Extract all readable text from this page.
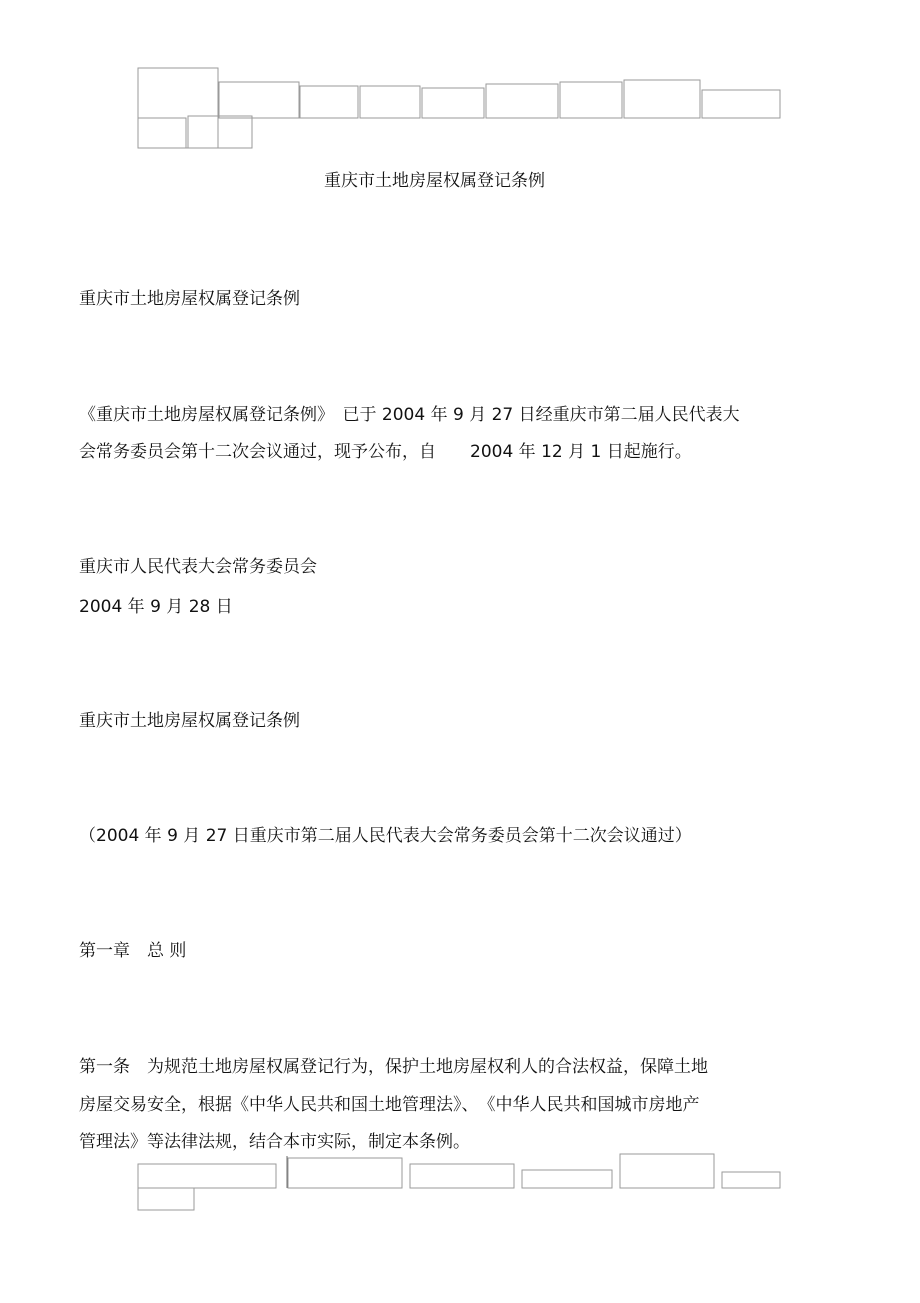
重庆市土地房屋权属登记条例

重庆市土地房屋权属登记条例

《重庆市土地房屋权属登记条例》　已于 2004 年 9 月 27 日经重庆市第二届人民代表大

会常务委员会第十二次会议通过，现予公布，自　　2004 年 12 月 1 日起施行。

重庆市人民代表大会常务委员会

2004 年 9 月 28 日

重庆市土地房屋权属登记条例

（2004 年 9 月 27 日重庆市第二届人民代表大会常务委员会第十二次会议通过）

第一章　总 则

第一条　为规范土地房屋权属登记行为，保护土地房屋权利人的合法权益，保障土地

房屋交易安全，根据《中华人民共和国土地管理法》、　《中华人民共和国城市房地产

管理法》等法律法规，结合本市实际，制定本条例。
